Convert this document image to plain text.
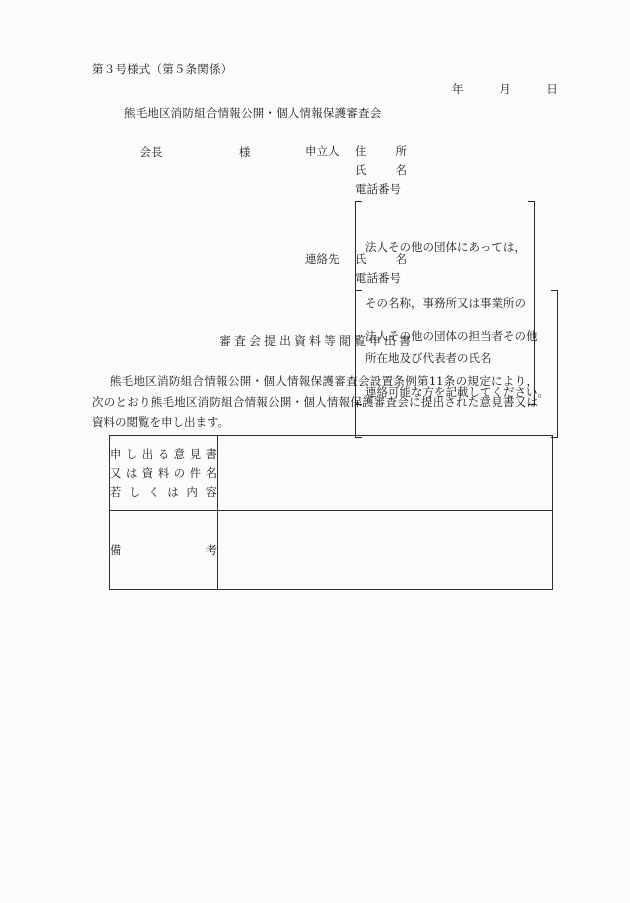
第３号様式（第５条関係）
年　　　月　　　日
熊毛地区消防組合情報公開・個人情報保護審査会

会長	様
	申立人	住	所
氏	名
電話番号

法人その他の団体にあっては，

その名称，事務所又は事業所の

所在地及び代表者の氏名

連絡先	氏	名
電話番号

法人その他の団体の担当者その他

連絡可能な方を記載してください。

審査会提出資料等閲覧申出書
熊毛地区消防組合情報公開・個人情報保護審査会設置条例第11条の規定により，次のとおり熊毛地区消防組合情報公開・個人情報保護審査会に提出された意見書又は資料の閲覧を申し出ます。
申 し 出 る 意 見 書
又 は 資 料 の 件 名
若 し く は 内 容

備 考	
